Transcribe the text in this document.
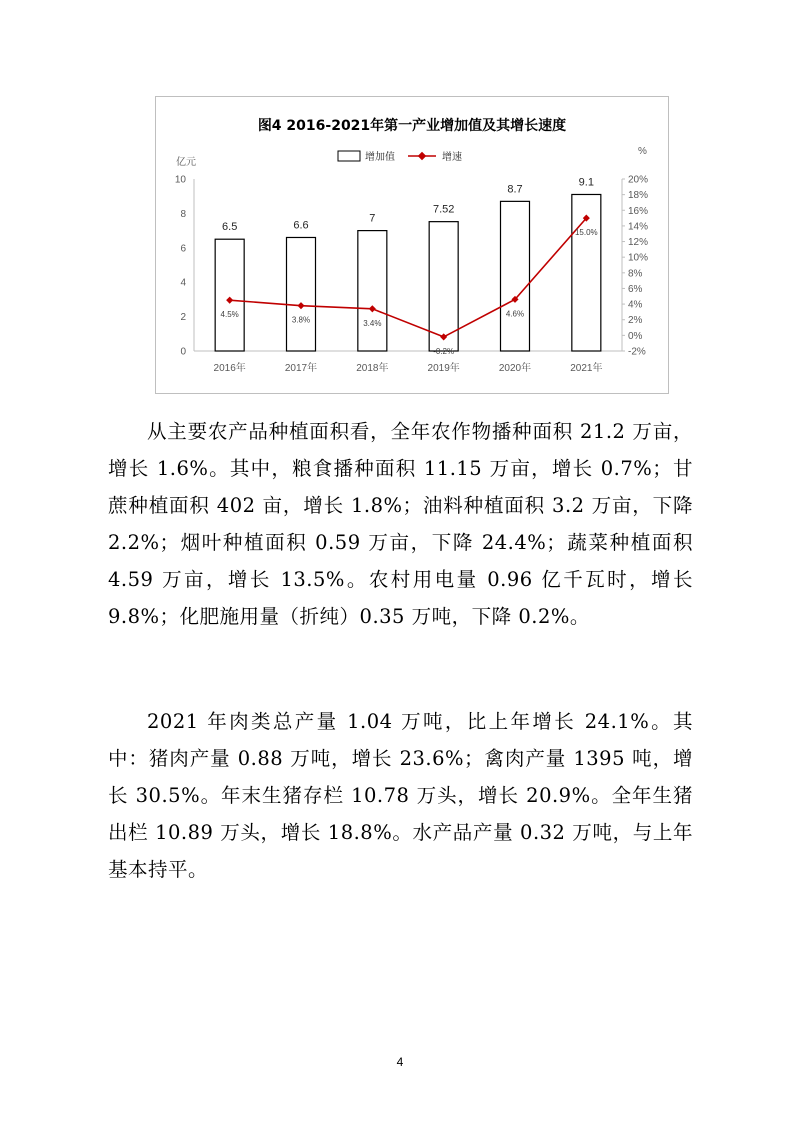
图4 2016-2021年第一产业增加值及其增长速度
亿元
%
增加值	增速
0
2
4
6
8
10
-2%
0%
2%
4%
6%
8%
10%
12%
14%
16%
18%
20%
2016年	2017年	2018年	2019年	2020年	2021年
6.5	6.6
7
7.52
8.7
9.1
4.5%
3.8%	3.4%
-0.2%
4.6%
15.0%

从主要农产品种植面积看，全年农作物播种面积 21.2 万亩，增长 1.6%。其中，粮食播种面积 11.15 万亩，增长 0.7%；甘蔗种植面积 402 亩，增长 1.8%；油料种植面积 3.2 万亩，下降 2.2%；烟叶种植面积 0.59 万亩，下降 24.4%；蔬菜种植面积 4.59 万亩，增长 13.5%。农村用电量 0.96 亿千瓦时，增长 9.8%；化肥施用量（折纯）0.35 万吨，下降 0.2%。

2021 年肉类总产量 1.04 万吨，比上年增长 24.1%。其中：猪肉产量 0.88 万吨，增长 23.6%；禽肉产量 1395 吨，增长 30.5%。年末生猪存栏 10.78 万头，增长 20.9%。全年生猪出栏 10.89 万头，增长 18.8%。水产品产量 0.32 万吨，与上年基本持平。

4
